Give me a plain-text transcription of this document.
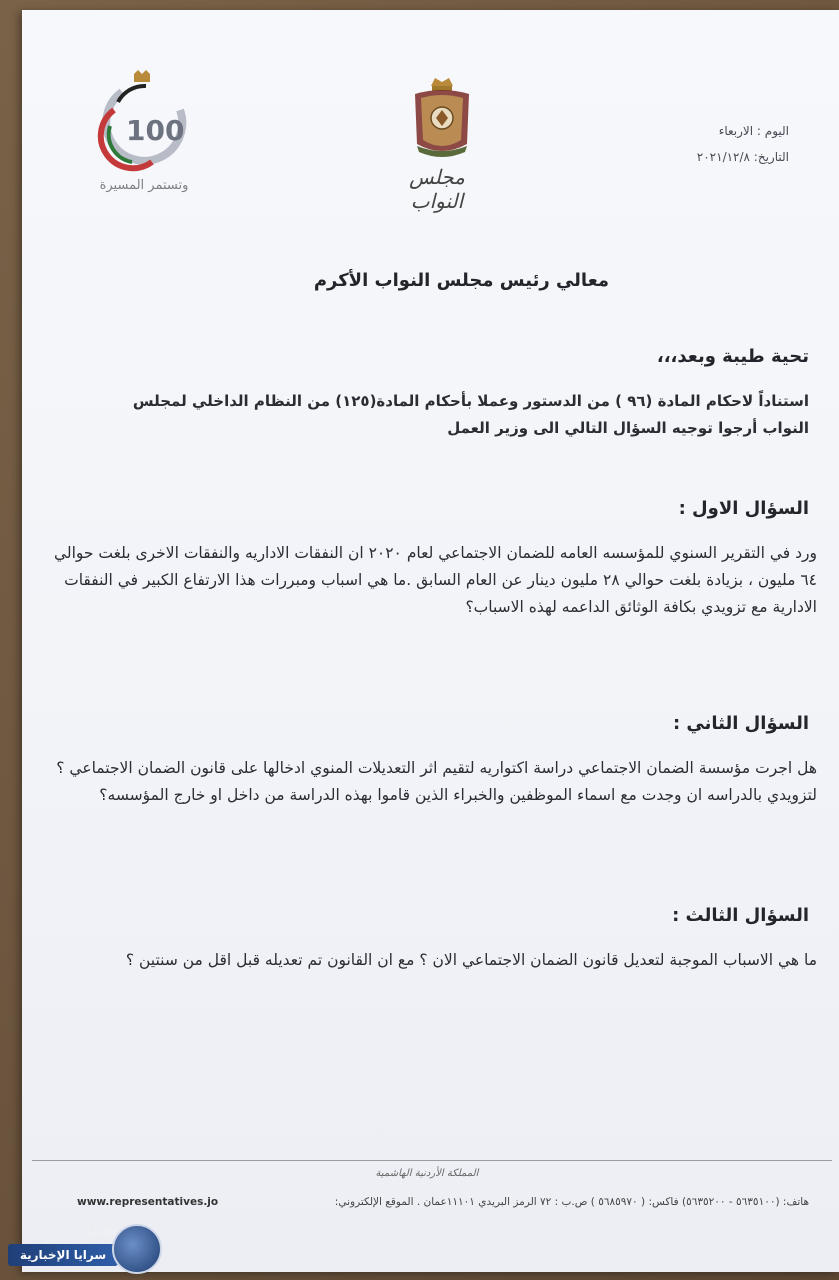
اليوم : الاربعاء
التاريخ: ٢٠٢١/١٢/٨
مجلس النواب
100
وتستمر المسيرة
معالي رئيس مجلس النواب الأكرم
تحية طيبة وبعد،،،
استناداً لاحكام المادة (٩٦ ) من الدستور وعملا بأحكام المادة(١٢٥) من النظام الداخلي لمجلس النواب أرجوا توجيه السؤال التالي الى وزير العمل
السؤال الاول :
ورد في التقرير السنوي للمؤسسه العامه للضمان الاجتماعي لعام ٢٠٢٠ ان النفقات الاداريه والنفقات الاخرى بلغت حوالي ٦٤ مليون ، بزيادة بلغت حوالي ٢٨ مليون دينار عن العام السابق .ما هي اسباب ومبررات هذا الارتفاع الكبير في النفقات الادارية مع تزويدي بكافة الوثائق الداعمه لهذه الاسباب؟
السؤال الثاني :
هل اجرت مؤسسة الضمان الاجتماعي دراسة اكتواريه لتقيم اثر التعديلات المنوي ادخالها على قانون الضمان الاجتماعي ؟ لتزويدي بالدراسه ان وجدت مع اسماء الموظفين والخبراء الذين قاموا بهذه الدراسة من داخل او خارج المؤسسه؟
السؤال الثالث :
ما هي الاسباب الموجبة لتعديل قانون الضمان الاجتماعي الان ؟ مع ان القانون تم تعديله قبل اقل من سنتين ؟
المملكة الأردنية الهاشمية
هاتف: (٥٦٣٥١٠٠ - ٥٦٣٥٢٠٠) فاكس: ( ٥٦٨٥٩٧٠ ) ص.ب : ٧٢ الرمز البريدي ١١١٠١عمان . الموقع الإلكتروني:
www.representatives.jo
وكالة أنباء
سرايا الإخبارية
